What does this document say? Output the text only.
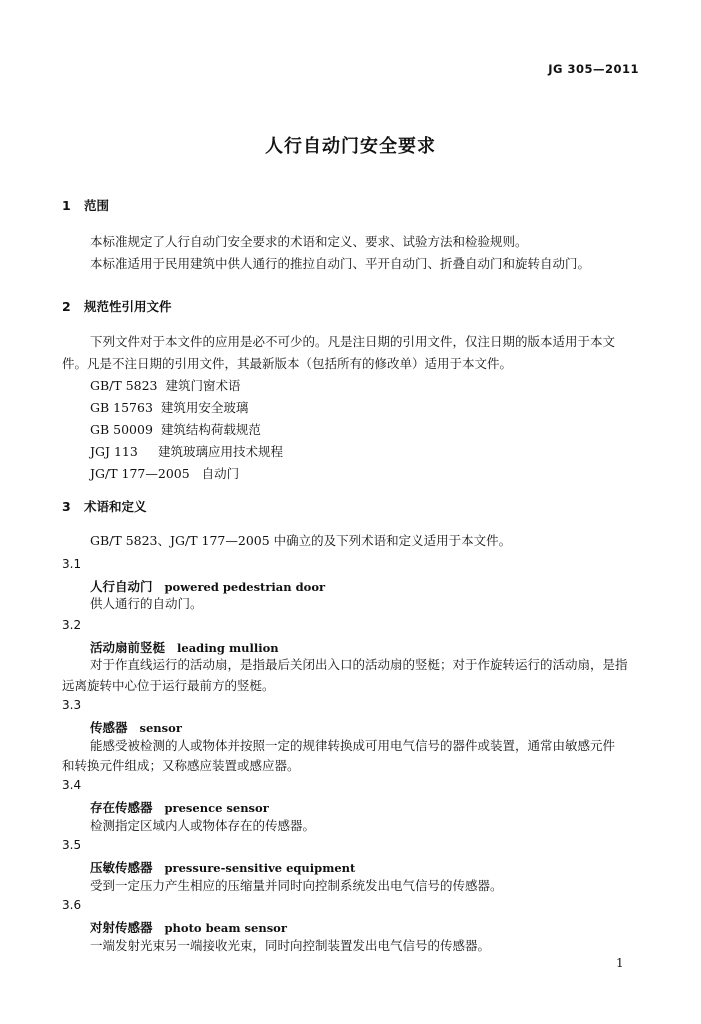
JG 305—2011
人行自动门安全要求
1 范围
本标准规定了人行自动门安全要求的术语和定义、要求、试验方法和检验规则。
本标准适用于民用建筑中供人通行的推拉自动门、平开自动门、折叠自动门和旋转自动门。
2 规范性引用文件
下列文件对于本文件的应用是必不可少的。凡是注日期的引用文件，仅注日期的版本适用于本文
件。凡是不注日期的引用文件，其最新版本（包括所有的修改单）适用于本文件。
GB/T 5823 建筑门窗术语
GB 15763 建筑用安全玻璃
GB 50009 建筑结构荷载规范
JGJ 113 建筑玻璃应用技术规程
JG/T 177—2005 自动门
3 术语和定义
GB/T 5823、JG/T 177—2005 中确立的及下列术语和定义适用于本文件。
3.1
人行自动门 powered pedestrian door
供人通行的自动门。
3.2
活动扇前竖梃 leading mullion
对于作直线运行的活动扇，是指最后关闭出入口的活动扇的竖梃；对于作旋转运行的活动扇，是指
远离旋转中心位于运行最前方的竖梃。
3.3
传感器 sensor
能感受被检测的人或物体并按照一定的规律转换成可用电气信号的器件或装置，通常由敏感元件
和转换元件组成；又称感应装置或感应器。
3.4
存在传感器 presence sensor
检测指定区域内人或物体存在的传感器。
3.5
压敏传感器 pressure-sensitive equipment
受到一定压力产生相应的压缩量并同时向控制系统发出电气信号的传感器。
3.6
对射传感器 photo beam sensor
一端发射光束另一端接收光束，同时向控制装置发出电气信号的传感器。
1
